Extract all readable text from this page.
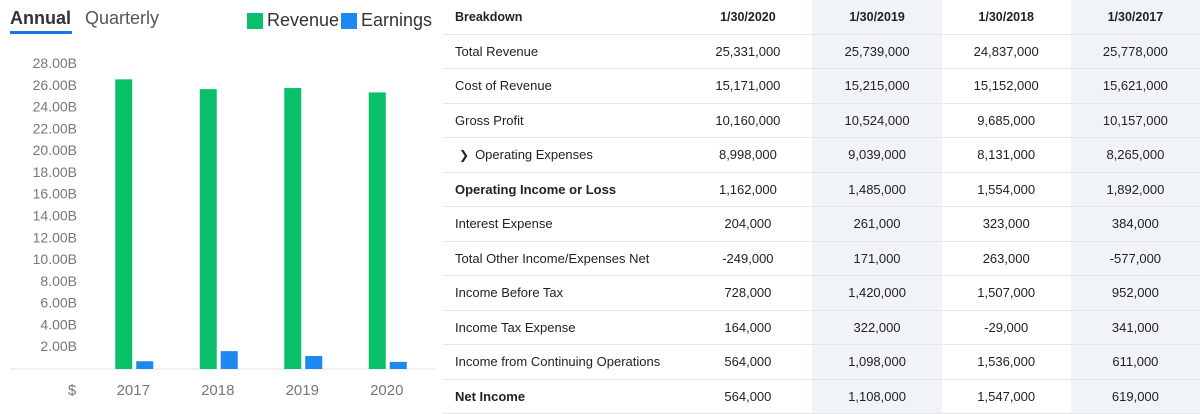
2.00B
4.00B
6.00B
8.00B
10.00B
12.00B
14.00B
16.00B
18.00B
20.00B
22.00B
24.00B
26.00B
28.00B
$	2017	2018	2019	2020
Annual Quarterly	Revenue Earnings Breakdown	1/30/2020	1/30/2019	1/30/2018	1/30/2017
Total Revenue	25,331,000	25,739,000	24,837,000	25,778,000
Cost of Revenue	15,171,000	15,215,000	15,152,000	15,621,000
Gross Profit	10,160,000	10,524,000	9,685,000	10,157,000
❯ Operating Expenses	8,998,000	9,039,000	8,131,000	8,265,000
Operating Income or Loss	1,162,000	1,485,000	1,554,000	1,892,000
Interest Expense	204,000	261,000	323,000	384,000
Total Other Income/Expenses Net	-249,000	171,000	263,000	-577,000
Income Before Tax	728,000	1,420,000	1,507,000	952,000
Income Tax Expense	164,000	322,000	-29,000	341,000
Income from Continuing Operations	564,000	1,098,000	1,536,000	611,000
Net Income	564,000	1,108,000	1,547,000	619,000
